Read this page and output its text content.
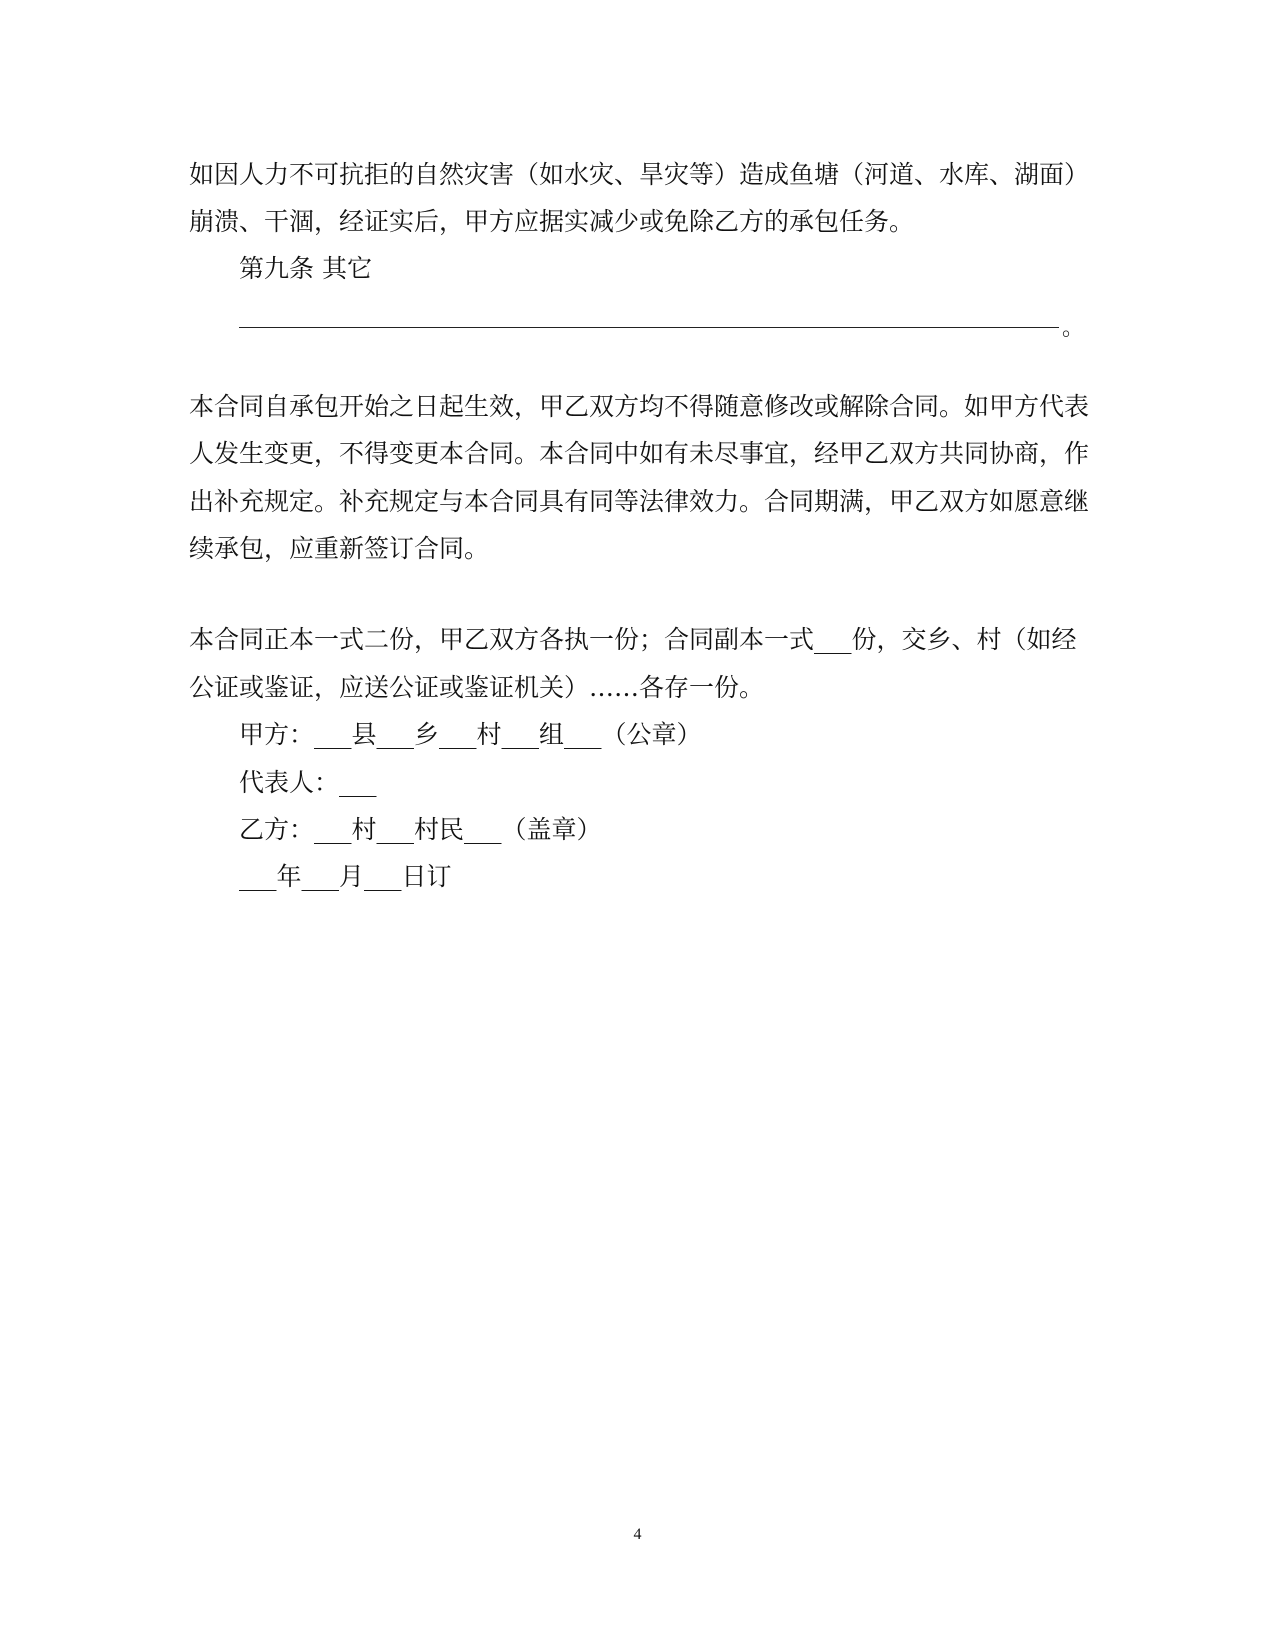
如因人力不可抗拒的自然灾害（如水灾、旱灾等）造成鱼塘（河道、水库、湖面）
崩溃、干涸，经证实后，甲方应据实减少或免除乙方的承包任务。
第九条 其它
。
本合同自承包开始之日起生效，甲乙双方均不得随意修改或解除合同。如甲方代表
人发生变更，不得变更本合同。本合同中如有未尽事宜，经甲乙双方共同协商，作
出补充规定。补充规定与本合同具有同等法律效力。合同期满，甲乙双方如愿意继
续承包，应重新签订合同。
本合同正本一式二份，甲乙双方各执一份；合同副本一式___份，交乡、村（如经
公证或鉴证，应送公证或鉴证机关）……各存一份。
甲方：___县___乡___村___组___（公章）
代表人：___
乙方：___村___村民___（盖章）
___年___月___日订
4
